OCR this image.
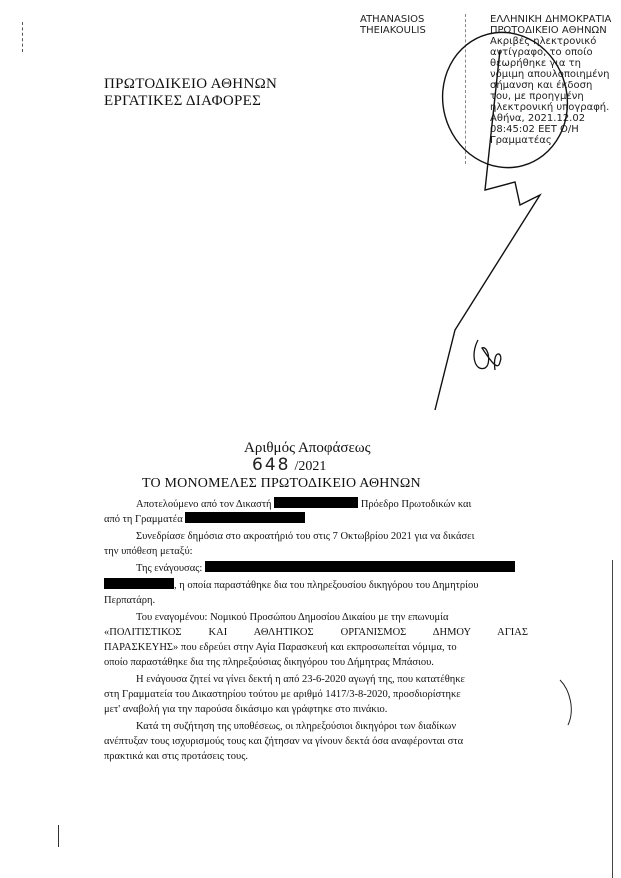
ATHANASIOS
THEIAKOULIS
ΕΛΛΗΝΙΚΗ ΔΗΜΟΚΡΑΤΙΑ
ΠΡΩΤΟΔΙΚΕΙΟ ΑΘΗΝΩΝ
Ακριβές ηλεκτρονικό
αντίγραφο, το οποίο
θεωρήθηκε για τη
νόμιμη απουλοποιημένη
σήμανση και έκδοση
του, με προηγμένη
ηλεκτρονική υπογραφή.
Αθήνα, 2021.12.02
08:45:02 EET Ο/Η
Γραμματέας
ΠΡΩΤΟΔΙΚΕΙΟ ΑΘΗΝΩΝ
ΕΡΓΑΤΙΚΕΣ ΔΙΑΦΟΡΕΣ
Αριθμός Αποφάσεως
648 /2021
ΤΟ ΜΟΝΟΜΕΛΕΣ ΠΡΩΤΟΔΙΚΕΙΟ ΑΘΗΝΩΝ
Αποτελούμενο από τον Δικαστή	Πρόεδρο Πρωτοδικών και
από τη Γραμματέα
Συνεδρίασε δημόσια στο ακροατήριό του στις 7 Οκτωβρίου 2021 για να δικάσει
την υπόθεση μεταξύ:
Της ενάγουσας:
, η οποία παραστάθηκε δια του πληρεξουσίου δικηγόρου του Δημητρίου
Περπατάρη.
Του εναγομένου: Νομικού Προσώπου Δημοσίου Δικαίου με την επωνυμία
«ΠΟΛΙΤΙΣΤΙΚΟΣ ΚΑΙ ΑΘΛΗΤΙΚΟΣ ΟΡΓΑΝΙΣΜΟΣ ΔΗΜΟΥ ΑΓΙΑΣ
ΠΑΡΑΣΚΕΥΗΣ» που εδρεύει στην Αγία Παρασκευή και εκπροσωπείται νόμιμα, το
οποίο παραστάθηκε δια της πληρεξούσιας δικηγόρου του Δήμητρας Μπάσιου.
Η ενάγουσα ζητεί να γίνει δεκτή η από 23-6-2020 αγωγή της, που κατατέθηκε
στη Γραμματεία του Δικαστηρίου τούτου με αριθμό 1417/3-8-2020, προσδιορίστηκε
μετ' αναβολή για την παρούσα δικάσιμο και γράφτηκε στο πινάκιο.
Κατά τη συζήτηση της υποθέσεως, οι πληρεξούσιοι δικηγόροι των διαδίκων
ανέπτυξαν τους ισχυρισμούς τους και ζήτησαν να γίνουν δεκτά όσα αναφέρονται στα
πρακτικά και στις προτάσεις τους.
